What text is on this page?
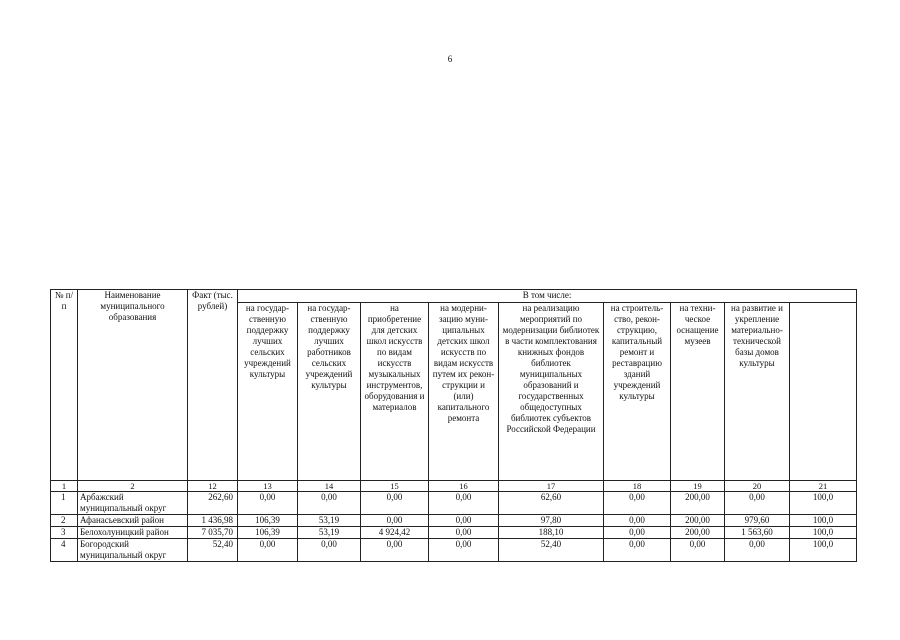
6
№ п/п	Наименование муниципального образования	Факт (тыс. рублей)	В том числе:								
			на государ-ственную поддержку лучших сельских учреждений культуры	на государ-ственную поддержку лучших работников сельских учреждений культуры	на приобретение для детских школ искусств по видам искусств музыкальных инструментов, оборудования и материалов	на модерни-зацию муни-ципальных детских школ искусств по видам искусств путем их рекон-струкции и (или) капитального ремонта	на реализацию мероприятий по модернизации библиотек в части комплектования книжных фондов библиотек муниципальных образований и государственных общедоступных библиотек субъектов Российской Федерации	на строитель-ство, рекон-струкцию, капитальный ремонт и реставрацию зданий учреждений культуры	на техни-ческое оснащение музеев	на развитие и укрепление материально-технической базы домов культуры	
1	2	12	13	14	15	16	17	18	19	20	21
1	Арбажский муниципальный округ	262,60	0,00	0,00	0,00	0,00	62,60	0,00	200,00	0,00	100,0
2	Афанасьевский район	1 436,98	106,39	53,19	0,00	0,00	97,80	0,00	200,00	979,60	100,0
3	Белохолуницкий район	7 035,70	106,39	53,19	4 924,42	0,00	188,10	0,00	200,00	1 563,60	100,0
4	Богородский муниципальный округ	52,40	0,00	0,00	0,00	0,00	52,40	0,00	0,00	0,00	100,0
